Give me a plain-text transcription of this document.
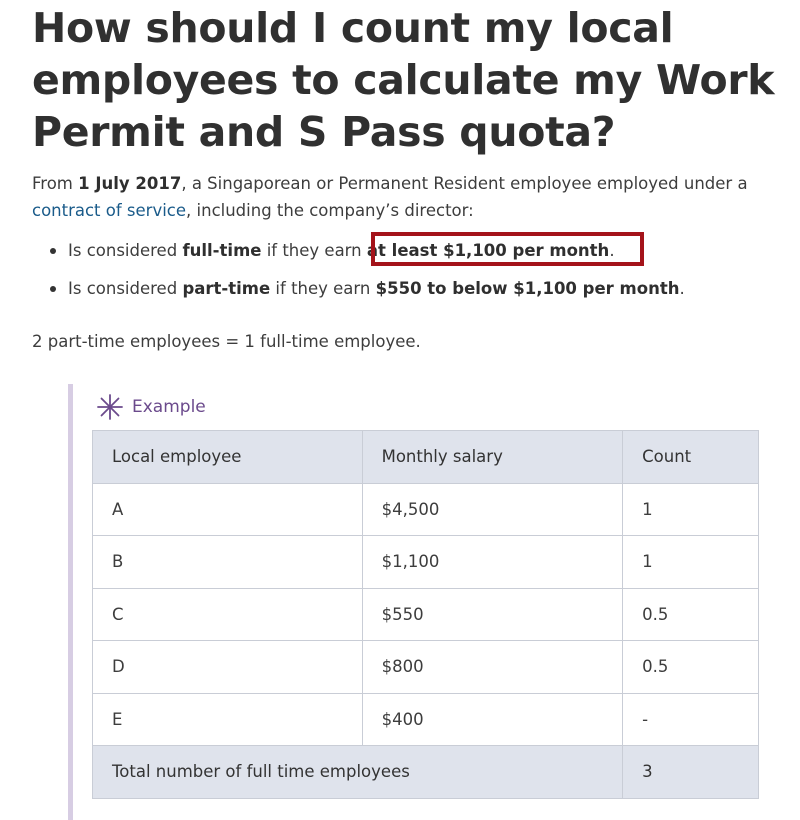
How should I count my local
employees to calculate my Work
Permit and S Pass quota?

From 1 July 2017, a Singaporean or Permanent Resident employee employed under a
contract of service, including the company’s director:

Is considered full-time if they earn at least $1,100 per month.
Is considered part-time if they earn $550 to below $1,100 per month.

2 part-time employees = 1 full-time employee.

Example
Local employee	Monthly salary	Count
A	$4,500	1
B	$1,100	1
C	$550	0.5
D	$800	0.5
E	$400	-
Total number of full time employees		3
